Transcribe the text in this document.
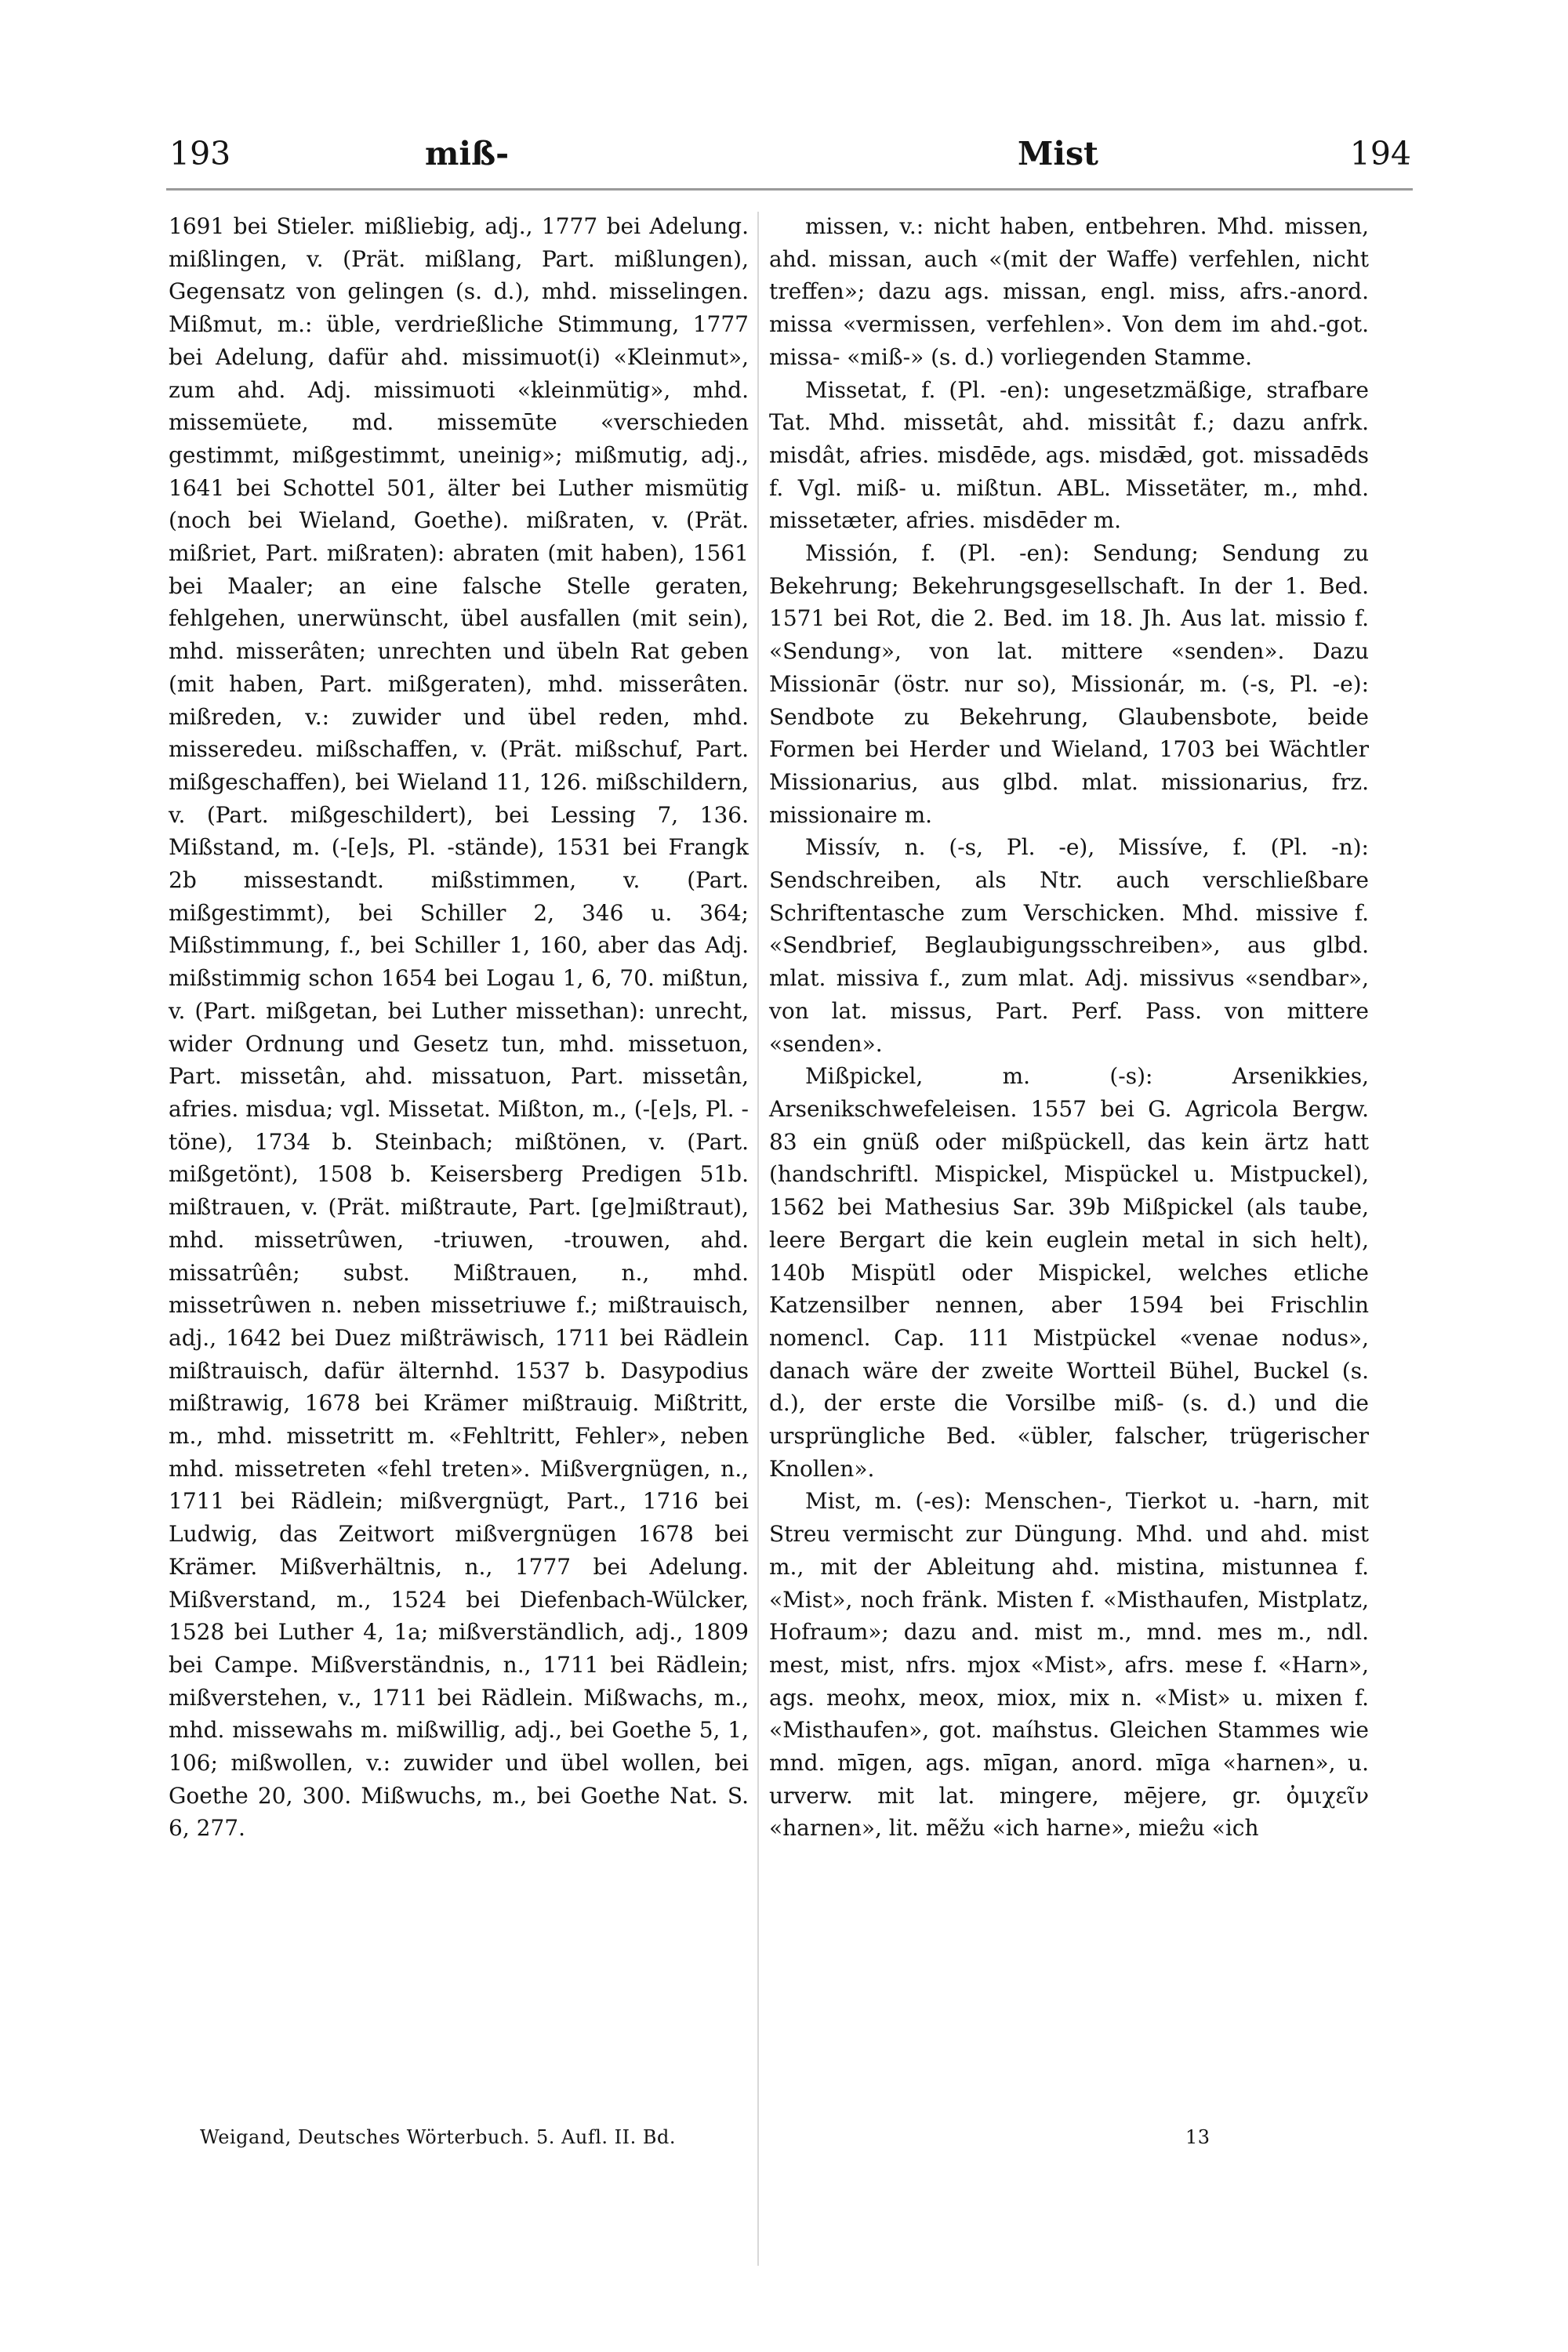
193	miß-	Mist	194

1691 bei Stieler. mißliebig, adj., 1777 bei Adelung. mißlingen, v. (Prät. mißlang, Part. mißlungen), Gegensatz von gelingen (s. d.), mhd. misselingen. Mißmut, m.: üble, verdrießliche Stimmung, 1777 bei Adelung, dafür ahd. missimuot(i) «Kleinmut», zum ahd. Adj. missimuoti «kleinmütig», mhd. missemüete, md. missemūte «verschieden gestimmt, mißgestimmt, uneinig»; mißmutig, adj., 1641 bei Schottel 501, älter bei Luther mismütig (noch bei Wieland, Goethe). mißraten, v. (Prät. mißriet, Part. mißraten): abraten (mit haben), 1561 bei Maaler; an eine falsche Stelle geraten, fehlgehen, unerwünscht, übel ausfallen (mit sein), mhd. misserâten; unrechten und übeln Rat geben (mit haben, Part. mißgeraten), mhd. misserâten. mißreden, v.: zuwider und übel reden, mhd. misseredeu. mißschaffen, v. (Prät. mißschuf, Part. mißgeschaffen), bei Wieland 11, 126. mißschildern, v. (Part. mißgeschildert), bei Lessing 7, 136. Mißstand, m. (-[e]s, Pl. -stände), 1531 bei Frangk 2b missestandt. mißstimmen, v. (Part. mißgestimmt), bei Schiller 2, 346 u. 364; Mißstimmung, f., bei Schiller 1, 160, aber das Adj. mißstimmig schon 1654 bei Logau 1, 6, 70. mißtun, v. (Part. mißgetan, bei Luther missethan): unrecht, wider Ordnung und Gesetz tun, mhd. missetuon, Part. missetân, ahd. missatuon, Part. missetân, afries. misdua; vgl. Missetat. Mißton, m., (-[e]s, Pl. -töne), 1734 b. Steinbach; mißtönen, v. (Part. mißgetönt), 1508 b. Keisersberg Predigen 51b. mißtrauen, v. (Prät. mißtraute, Part. [ge]mißtraut), mhd. missetrûwen, -triuwen, -trouwen, ahd. missatrûên; subst. Mißtrauen, n., mhd. missetrûwen n. neben missetriuwe f.; mißtrauisch, adj., 1642 bei Duez mißträwisch, 1711 bei Rädlein mißtrauisch, dafür älternhd. 1537 b. Dasypodius mißtrawig, 1678 bei Krämer mißtrauig. Mißtritt, m., mhd. missetritt m. «Fehltritt, Fehler», neben mhd. missetreten «fehl treten». Mißvergnügen, n., 1711 bei Rädlein; mißvergnügt, Part., 1716 bei Ludwig, das Zeitwort mißvergnügen 1678 bei Krämer. Mißverhältnis, n., 1777 bei Adelung. Mißverstand, m., 1524 bei Diefenbach-Wülcker, 1528 bei Luther 4, 1a; mißverständlich, adj., 1809 bei Campe. Mißverständnis, n., 1711 bei Rädlein; mißverstehen, v., 1711 bei Rädlein. Mißwachs, m., mhd. missewahs m. mißwillig, adj., bei Goethe 5, 1, 106; mißwollen, v.: zuwider und übel wollen, bei Goethe 20, 300. Mißwuchs, m., bei Goethe Nat. S. 6, 277.

missen, v.: nicht haben, entbehren. Mhd. missen, ahd. missan, auch «(mit der Waffe) verfehlen, nicht treffen»; dazu ags. missan, engl. miss, afrs.-anord. missa «vermissen, verfehlen». Von dem im ahd.-got. missa- «miß-» (s. d.) vorliegenden Stamme.

Missetat, f. (Pl. -en): ungesetzmäßige, strafbare Tat. Mhd. missetât, ahd. missitât f.; dazu anfrk. misdât, afries. misdēde, ags. misdǣd, got. missadēds f. Vgl. miß- u. mißtun. ABL. Missetäter, m., mhd. missetæter, afries. misdēder m.

Missión, f. (Pl. -en): Sendung; Sendung zu Bekehrung; Bekehrungsgesellschaft. In der 1. Bed. 1571 bei Rot, die 2. Bed. im 18. Jh. Aus lat. missio f. «Sendung», von lat. mittere «senden». Dazu Missionār (östr. nur so), Missionár, m. (-s, Pl. -e): Sendbote zu Bekehrung, Glaubensbote, beide Formen bei Herder und Wieland, 1703 bei Wächtler Missionarius, aus glbd. mlat. missionarius, frz. missionaire m.

Missív, n. (-s, Pl. -e), Missíve, f. (Pl. -n): Sendschreiben, als Ntr. auch verschließbare Schriftentasche zum Verschicken. Mhd. missive f. «Sendbrief, Beglaubigungsschreiben», aus glbd. mlat. missiva f., zum mlat. Adj. missivus «sendbar», von lat. missus, Part. Perf. Pass. von mittere «senden».

Mißpickel, m. (-s): Arsenikkies, Arsenikschwefeleisen. 1557 bei G. Agricola Bergw. 83 ein gnüß oder mißpückell, das kein ärtz hatt (handschriftl. Mispickel, Mispückel u. Mistpuckel), 1562 bei Mathesius Sar. 39b Mißpickel (als taube, leere Bergart die kein euglein metal in sich helt), 140b Mispütl oder Mispickel, welches etliche Katzensilber nennen, aber 1594 bei Frischlin nomencl. Cap. 111 Mistpückel «venae nodus», danach wäre der zweite Wortteil Bühel, Buckel (s. d.), der erste die Vorsilbe miß- (s. d.) und die ursprüngliche Bed. «übler, falscher, trügerischer Knollen».

Mist, m. (-es): Menschen-, Tierkot u. -harn, mit Streu vermischt zur Düngung. Mhd. und ahd. mist m., mit der Ableitung ahd. mistina, mistunnea f. «Mist», noch fränk. Misten f. «Misthaufen, Mistplatz, Hofraum»; dazu and. mist m., mnd. mes m., ndl. mest, mist, nfrs. mjox «Mist», afrs. mese f. «Harn», ags. meohx, meox, miox, mix n. «Mist» u. mixen f. «Misthaufen», got. maíhstus. Gleichen Stammes wie mnd. mīgen, ags. mīgan, anord. mīga «harnen», u. urverw. mit lat. mingere, mējere, gr. ὀμιχεῖν «harnen», lit. mẽžu «ich harne», mieẑu «ich

Weigand, Deutsches Wörterbuch. 5. Aufl. II. Bd.	13
